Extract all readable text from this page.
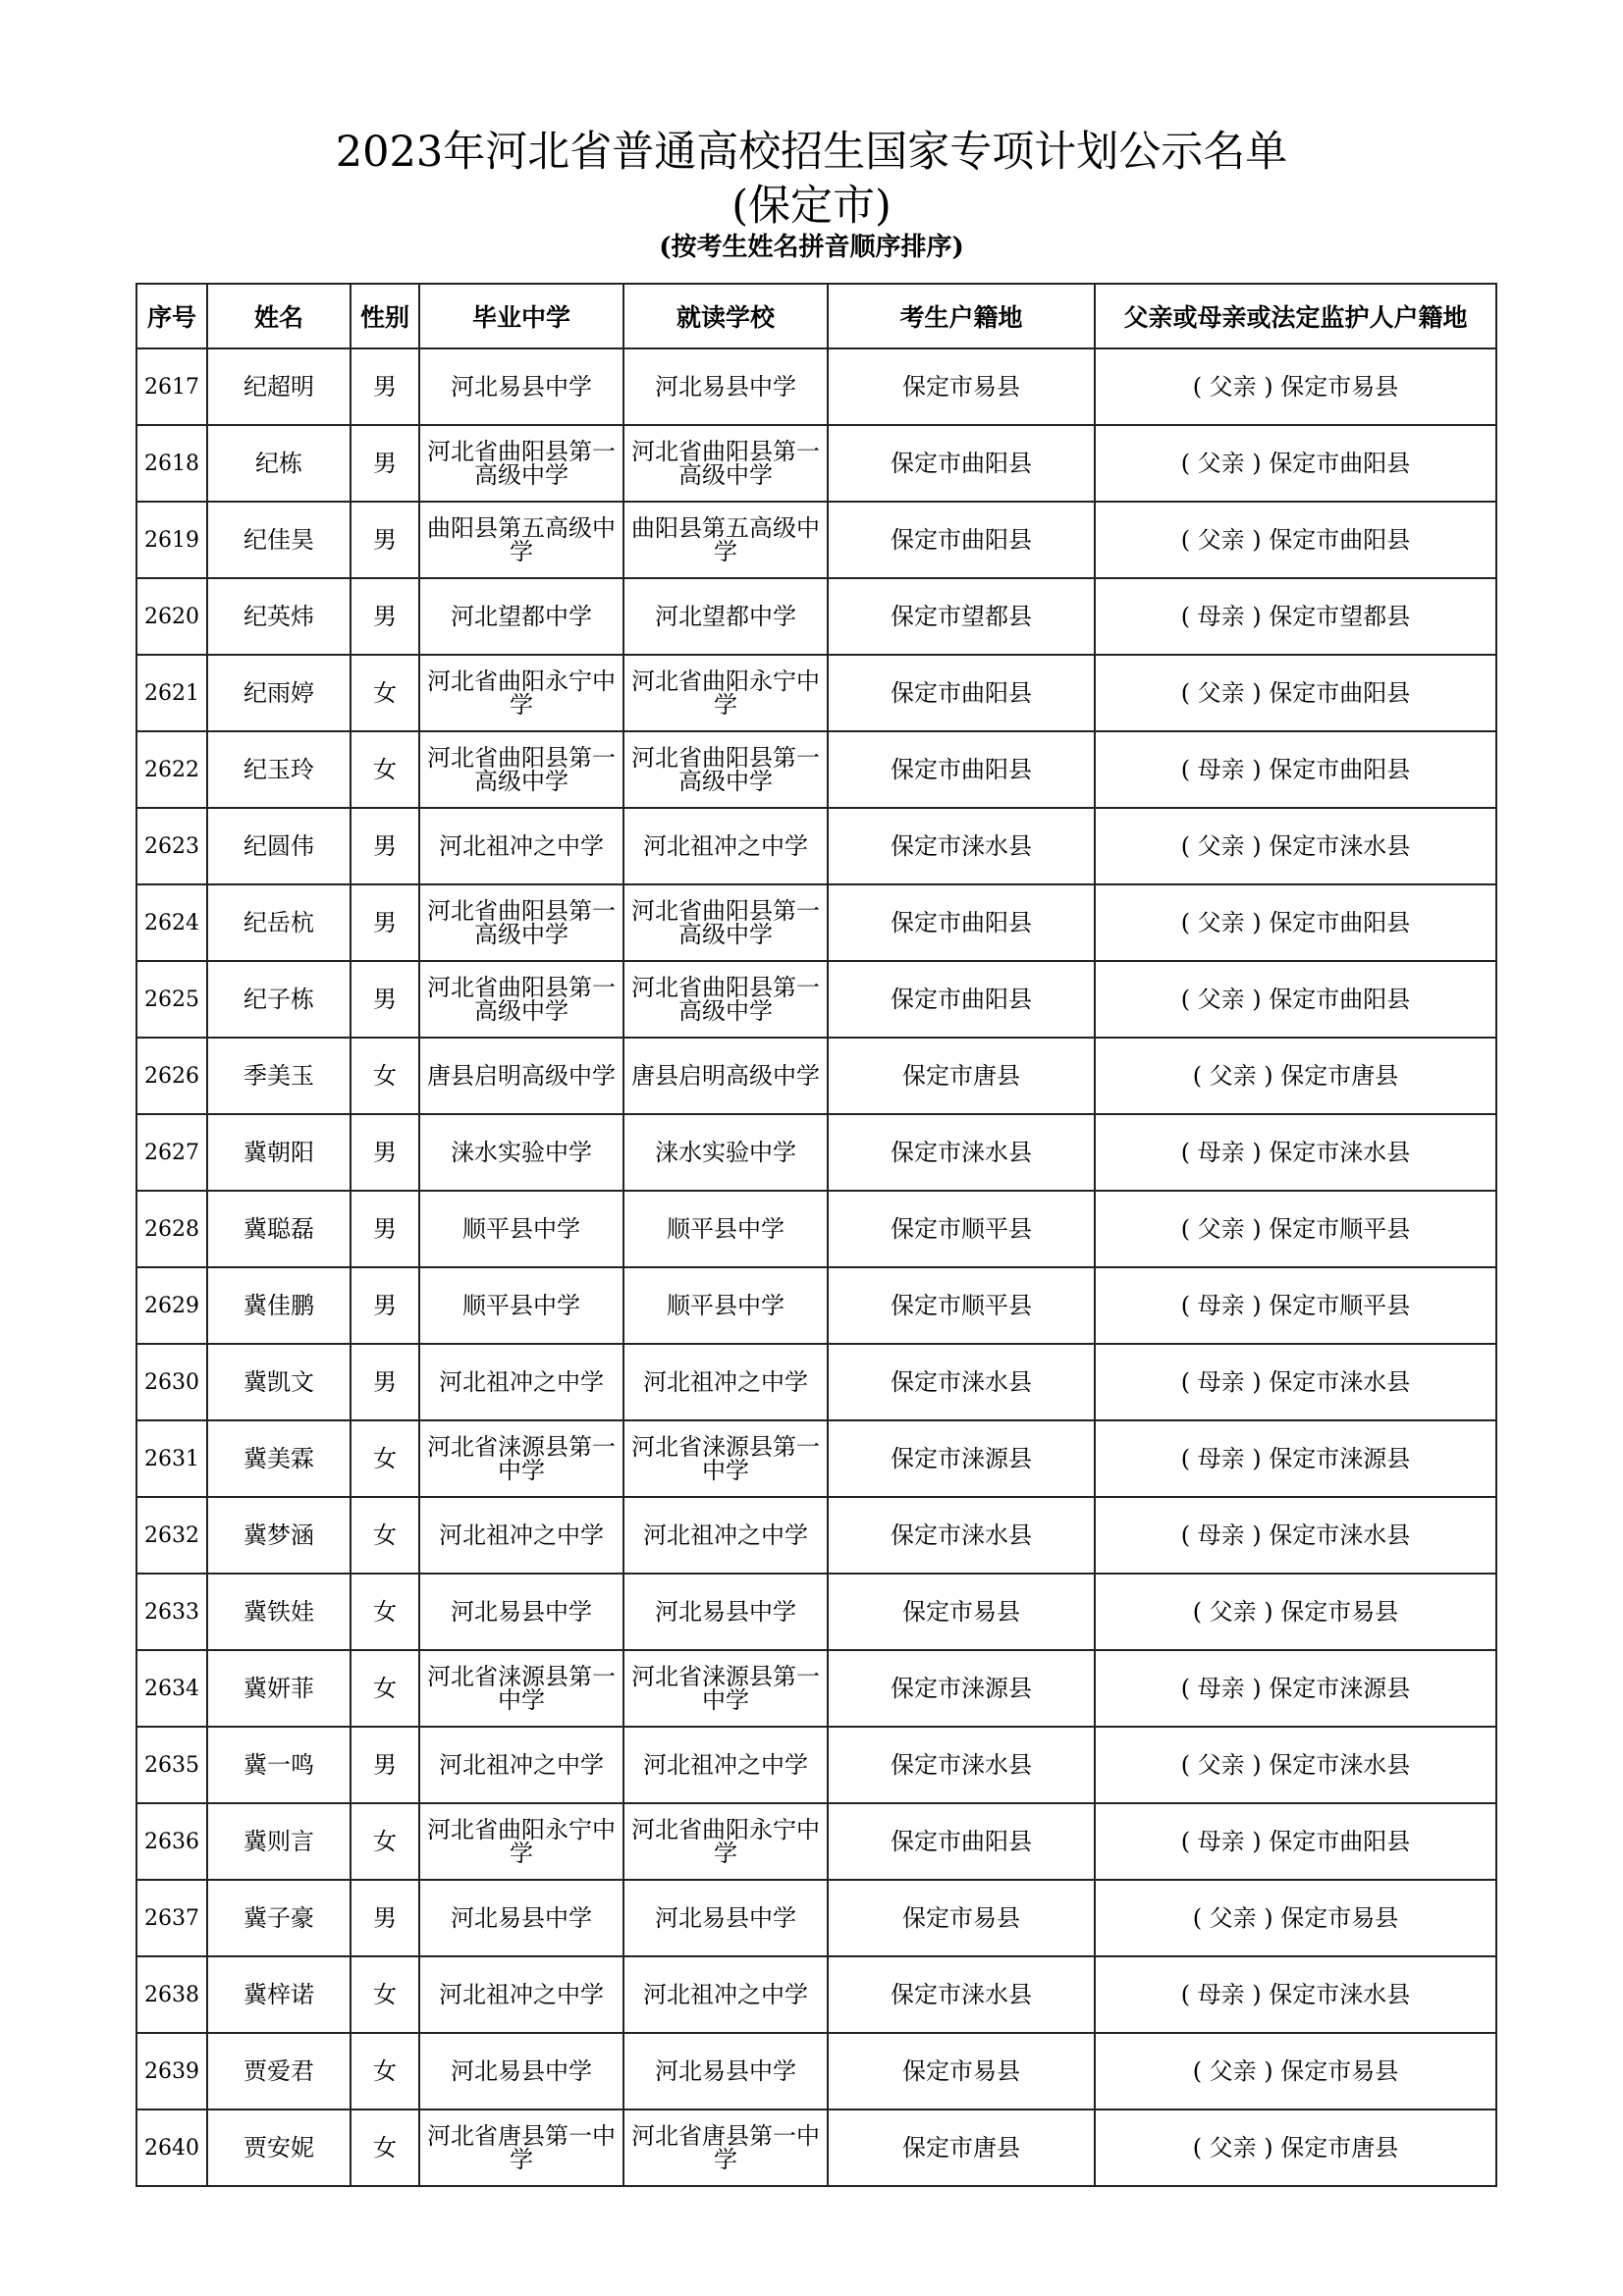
2023年河北省普通高校招生国家专项计划公示名单
(保定市)
(按考生姓名拼音顺序排序)
序号	姓名	性别	毕业中学	就读学校	考生户籍地	父亲或母亲或法定监护人户籍地
2617	纪超明	男	河北易县中学	河北易县中学	保定市易县	( 父亲 ) 保定市易县
2618	纪栋	男	河北省曲阳县第一高级中学	河北省曲阳县第一高级中学	保定市曲阳县	( 父亲 ) 保定市曲阳县
2619	纪佳昊	男	曲阳县第五高级中学	曲阳县第五高级中学	保定市曲阳县	( 父亲 ) 保定市曲阳县
2620	纪英炜	男	河北望都中学	河北望都中学	保定市望都县	( 母亲 ) 保定市望都县
2621	纪雨婷	女	河北省曲阳永宁中学	河北省曲阳永宁中学	保定市曲阳县	( 父亲 ) 保定市曲阳县
2622	纪玉玲	女	河北省曲阳县第一高级中学	河北省曲阳县第一高级中学	保定市曲阳县	( 母亲 ) 保定市曲阳县
2623	纪圆伟	男	河北祖冲之中学	河北祖冲之中学	保定市涞水县	( 父亲 ) 保定市涞水县
2624	纪岳杭	男	河北省曲阳县第一高级中学	河北省曲阳县第一高级中学	保定市曲阳县	( 父亲 ) 保定市曲阳县
2625	纪子栋	男	河北省曲阳县第一高级中学	河北省曲阳县第一高级中学	保定市曲阳县	( 父亲 ) 保定市曲阳县
2626	季美玉	女	唐县启明高级中学	唐县启明高级中学	保定市唐县	( 父亲 ) 保定市唐县
2627	冀朝阳	男	涞水实验中学	涞水实验中学	保定市涞水县	( 母亲 ) 保定市涞水县
2628	冀聪磊	男	顺平县中学	顺平县中学	保定市顺平县	( 父亲 ) 保定市顺平县
2629	冀佳鹏	男	顺平县中学	顺平县中学	保定市顺平县	( 母亲 ) 保定市顺平县
2630	冀凯文	男	河北祖冲之中学	河北祖冲之中学	保定市涞水县	( 母亲 ) 保定市涞水县
2631	冀美霖	女	河北省涞源县第一中学	河北省涞源县第一中学	保定市涞源县	( 母亲 ) 保定市涞源县
2632	冀梦涵	女	河北祖冲之中学	河北祖冲之中学	保定市涞水县	( 母亲 ) 保定市涞水县
2633	冀铁娃	女	河北易县中学	河北易县中学	保定市易县	( 父亲 ) 保定市易县
2634	冀妍菲	女	河北省涞源县第一中学	河北省涞源县第一中学	保定市涞源县	( 母亲 ) 保定市涞源县
2635	冀一鸣	男	河北祖冲之中学	河北祖冲之中学	保定市涞水县	( 父亲 ) 保定市涞水县
2636	冀则言	女	河北省曲阳永宁中学	河北省曲阳永宁中学	保定市曲阳县	( 母亲 ) 保定市曲阳县
2637	冀子豪	男	河北易县中学	河北易县中学	保定市易县	( 父亲 ) 保定市易县
2638	冀梓诺	女	河北祖冲之中学	河北祖冲之中学	保定市涞水县	( 母亲 ) 保定市涞水县
2639	贾爱君	女	河北易县中学	河北易县中学	保定市易县	( 父亲 ) 保定市易县
2640	贾安妮	女	河北省唐县第一中学	河北省唐县第一中学	保定市唐县	( 父亲 ) 保定市唐县
